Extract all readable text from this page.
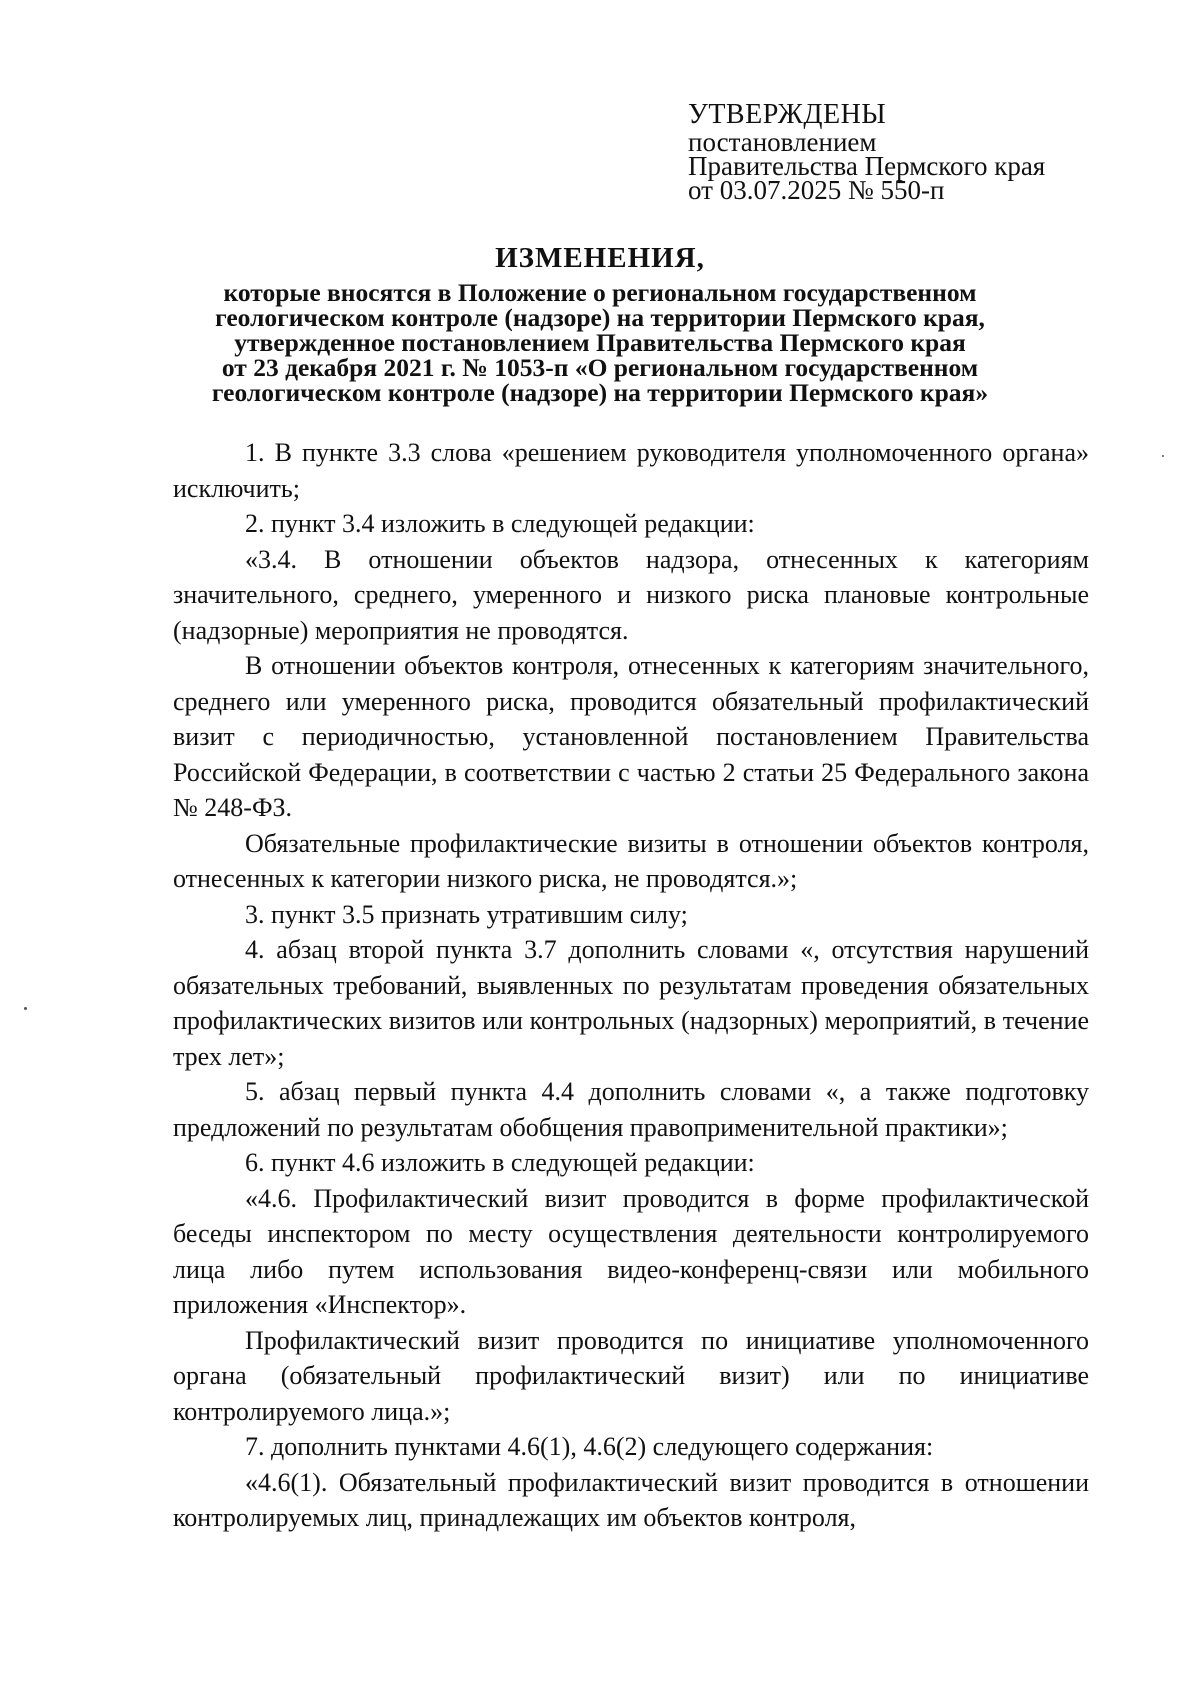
УТВЕРЖДЕНЫ
постановлением
Правительства Пермского края
от 03.07.2025 № 550-п
ИЗМЕНЕНИЯ,
которые вносятся в Положение о региональном государственном
геологическом контроле (надзоре) на территории Пермского края,
утвержденное постановлением Правительства Пермского края
от 23 декабря 2021 г. № 1053-п «О региональном государственном
геологическом контроле (надзоре) на территории Пермского края»

1. В пункте 3.3 слова «решением руководителя уполномоченного органа» исключить;

2. пункт 3.4 изложить в следующей редакции:

«3.4. В отношении объектов надзора, отнесенных к категориям значительного, среднего, умеренного и низкого риска плановые контрольные (надзорные) мероприятия не проводятся.

В отношении объектов контроля, отнесенных к категориям значительного, среднего или умеренного риска, проводится обязательный профилактический визит с периодичностью, установленной постановлением Правительства Российской Федерации, в соответствии с частью 2 статьи 25 Федерального закона № 248-ФЗ.

Обязательные профилактические визиты в отношении объектов контроля, отнесенных к категории низкого риска, не проводятся.»;

3. пункт 3.5 признать утратившим силу;

4. абзац второй пункта 3.7 дополнить словами «, отсутствия нарушений обязательных требований, выявленных по результатам проведения обязательных профилактических визитов или контрольных (надзорных) мероприятий, в течение трех лет»;

5. абзац первый пункта 4.4 дополнить словами «, а также подготовку предложений по результатам обобщения правоприменительной практики»;

6. пункт 4.6 изложить в следующей редакции:

«4.6. Профилактический визит проводится в форме профилактической беседы инспектором по месту осуществления деятельности контролируемого лица либо путем использования видео-конференц-связи или мобильного приложения «Инспектор».

Профилактический визит проводится по инициативе уполномоченного органа (обязательный профилактический визит) или по инициативе контролируемого лица.»;

7. дополнить пунктами 4.6(1), 4.6(2) следующего содержания:

«4.6(1). Обязательный профилактический визит проводится в отношении контролируемых лиц, принадлежащих им объектов контроля,
